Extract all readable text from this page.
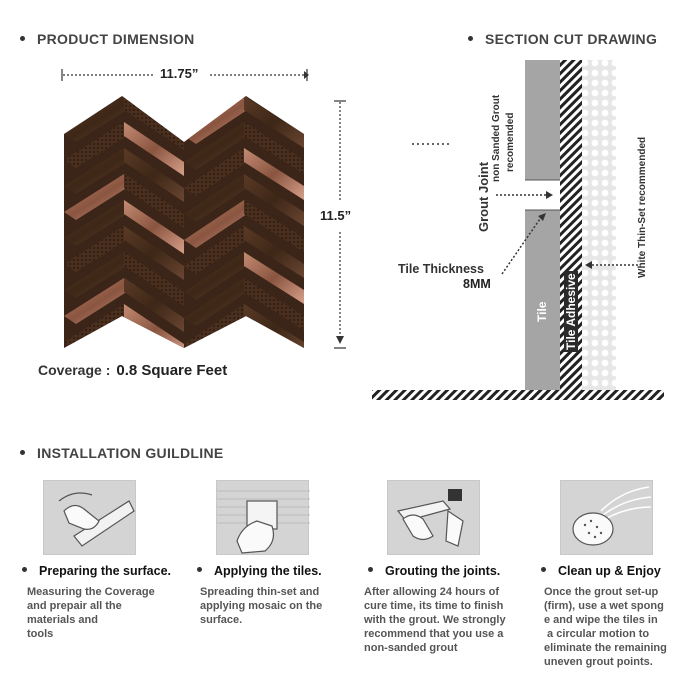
PRODUCT DIMENSION
11.75”
11.5”
Coverage : 0.8 Square Feet
SECTION CUT DRAWING
Grout Joint
non Sanded Grout recomended
Tile Thickness
8MM
Tile Tile Adhesive
White Thin-Set recommended
INSTALLATION GUILDLINE
Preparing the surface.
Measuring the Coverage
and prepair all the
materials and
tools
Applying the tiles.
Spreading thin-set and
applying mosaic on the
surface.
Grouting the joints.
After allowing 24 hours of
cure time, its time to finish
with the grout. We strongly
recommend that you use a
non-sanded grout
Clean up & Enjoy
Once the grout set-up
(firm), use a wet spong
e and wipe the tiles in
a circular motion to
eliminate the remaining
uneven grout points.
